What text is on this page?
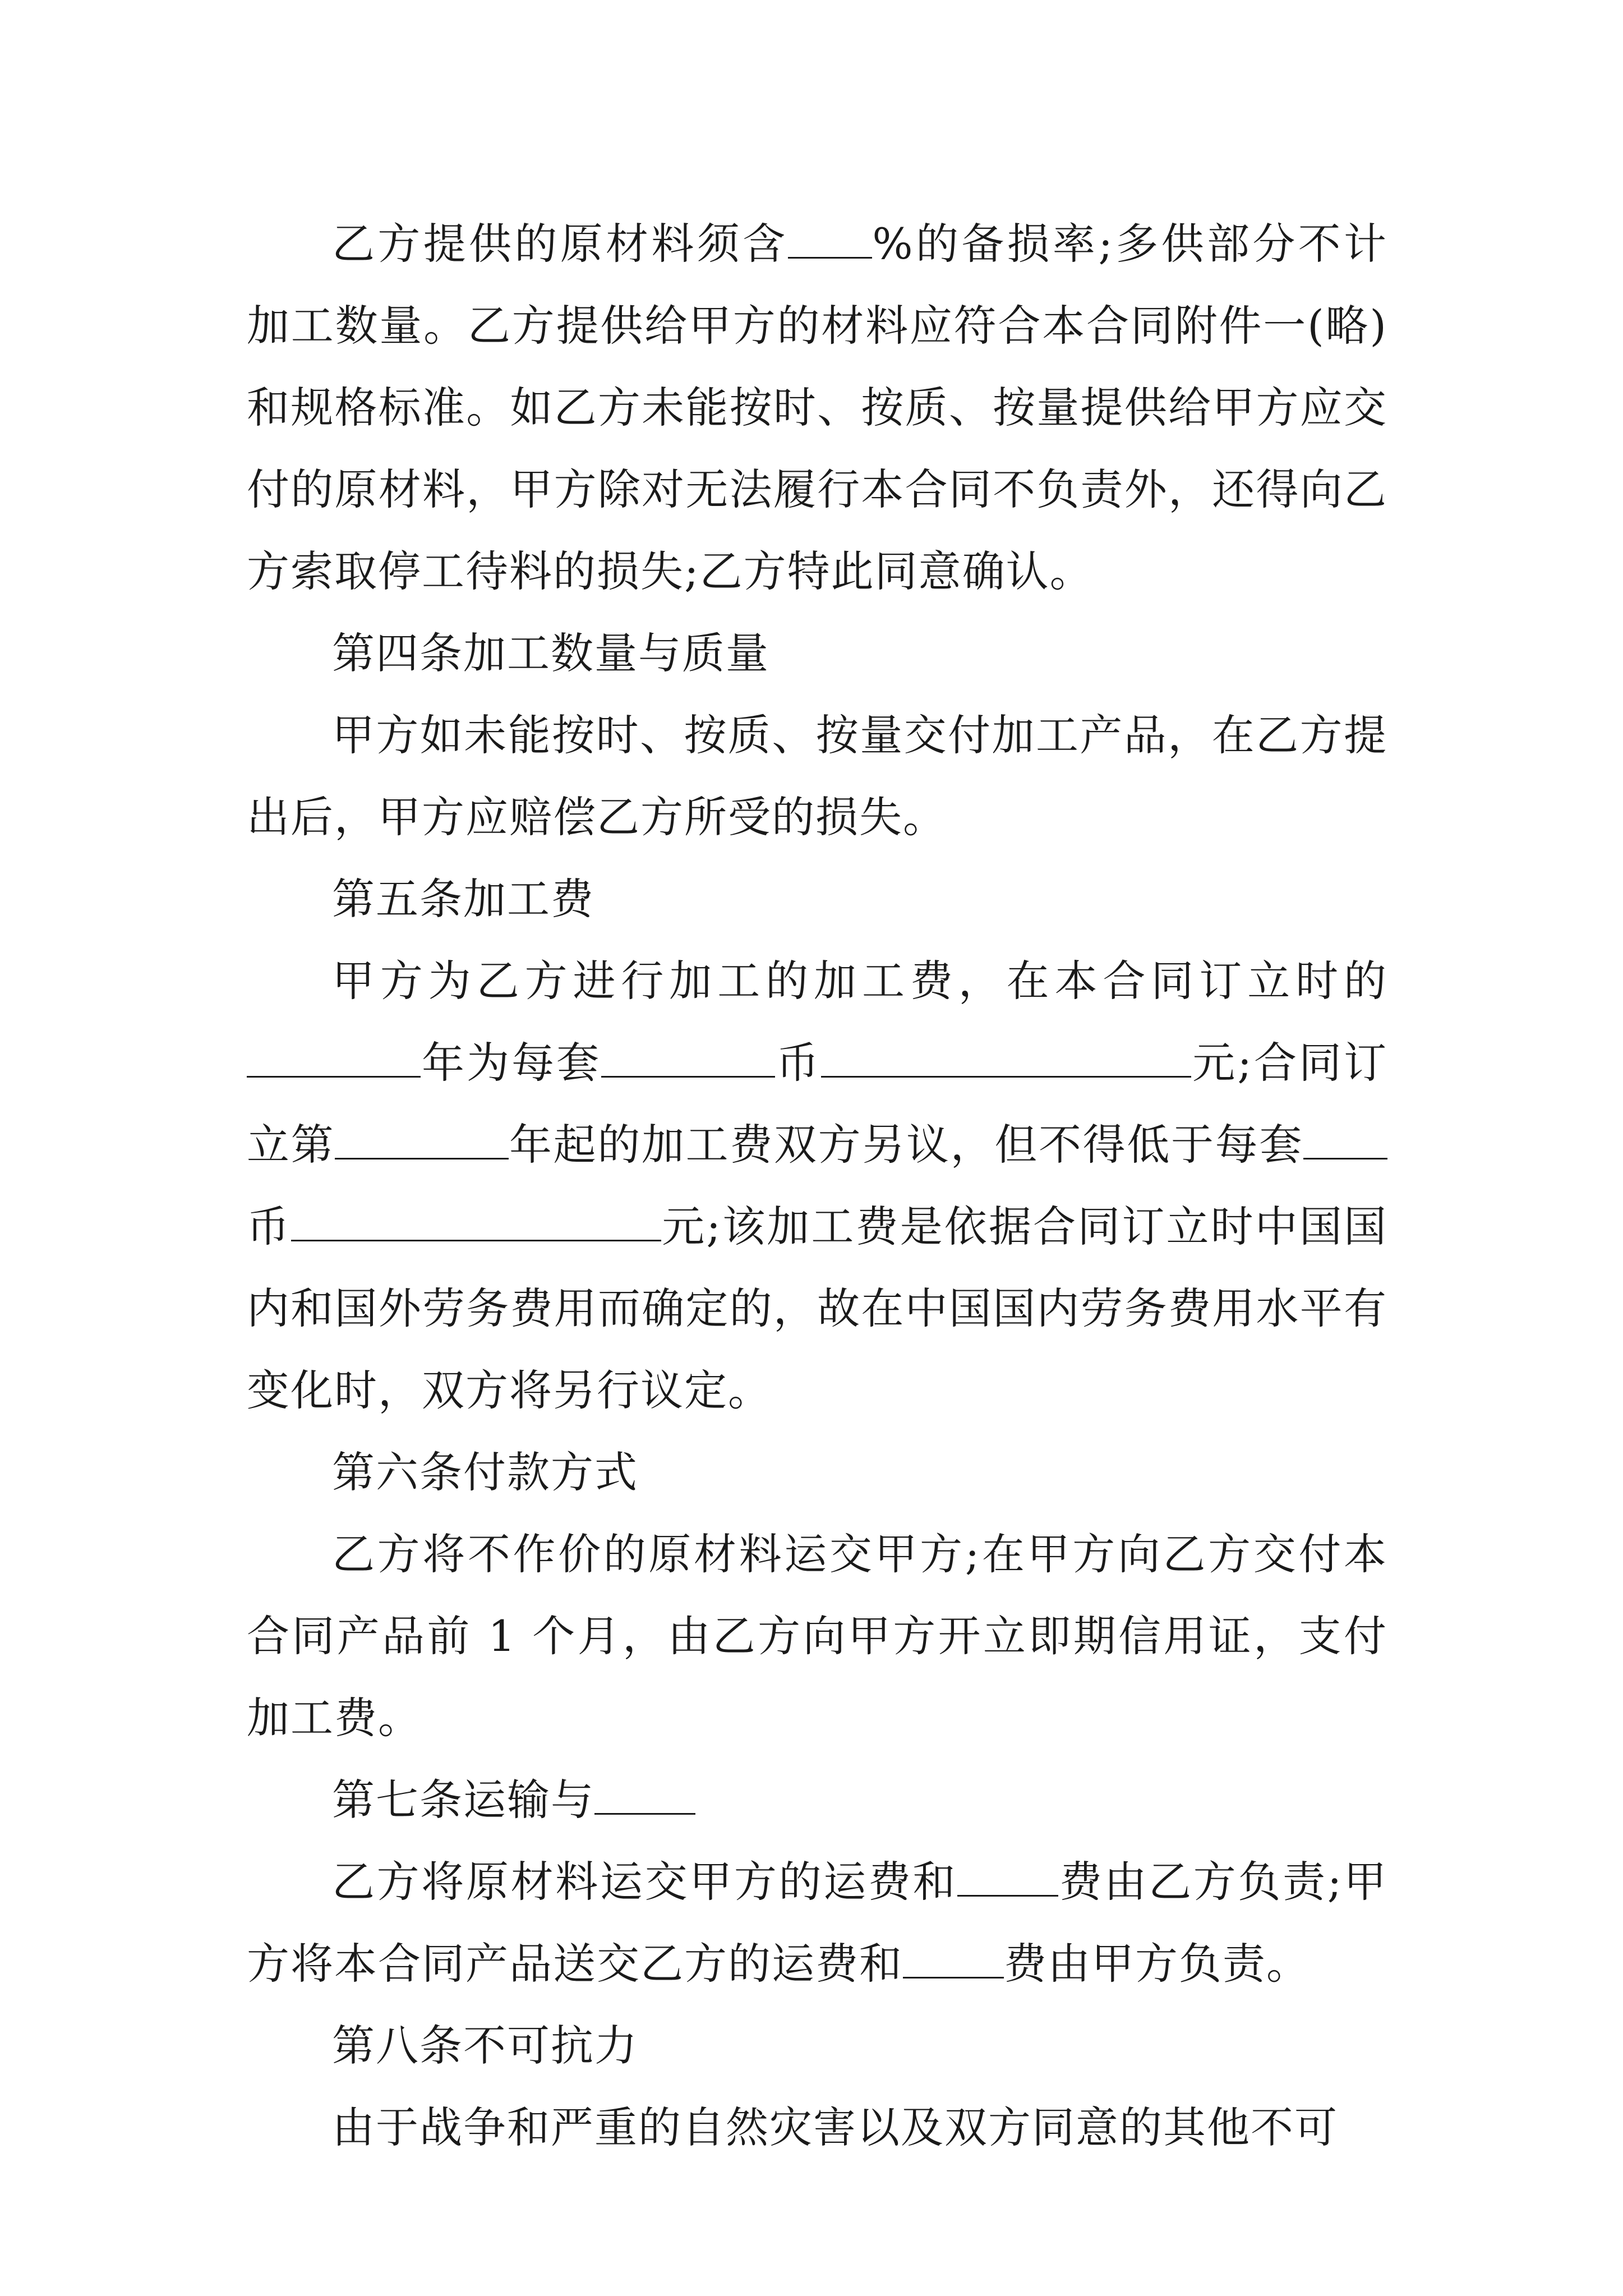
乙方提供的原材料须含 %的备损率;多供部分不计加工数量。乙方提供给甲方的材料应符合本合同附件一(略)和规格标准。如乙方未能按时、按质、按量提供给甲方应交付的原材料，甲方除对无法履行本合同不负责外，还得向乙方索取停工待料的损失;乙方特此同意确认。

第四条加工数量与质量

甲方如未能按时、按质、按量交付加工产品，在乙方提出后，甲方应赔偿乙方所受的损失。

第五条加工费

甲方为乙方进行加工的加工费，在本合同订立时的年为每套	币	元;合同订立第	年起的加工费双方另议，但不得低于每套币	元;该加工费是依据合同订立时中国国内和国外劳务费用而确定的，故在中国国内劳务费用水平有变化时，双方将另行议定。

第六条付款方式

乙方将不作价的原材料运交甲方;在甲方向乙方交付本合同产品前 1 个月，由乙方向甲方开立即期信用证，支付加工费。

第七条运输与

乙方将原材料运交甲方的运费和 费由乙方负责;甲方将本合同产品送交乙方的运费和 费由甲方负责。

第八条不可抗力

由于战争和严重的自然灾害以及双方同意的其他不可
